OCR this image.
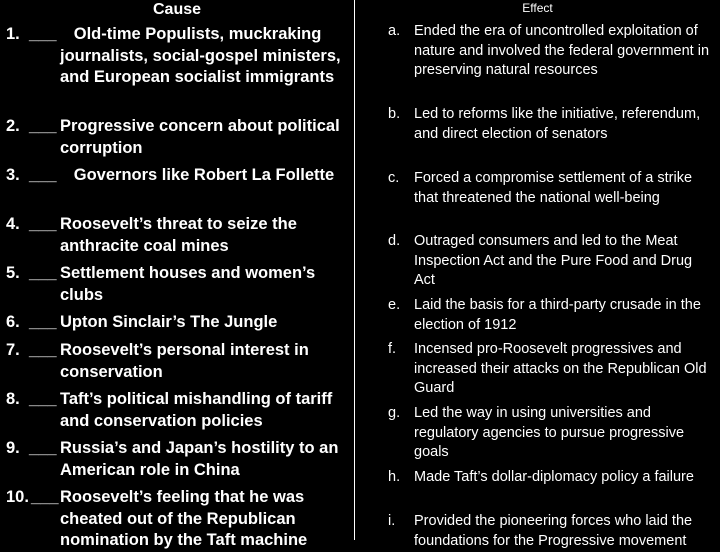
Cause	Effect
1. ___ Old-time Populists, muckraking journalists, social-gospel ministers, and European socialist immigrants
2. ___ Progressive concern about political corruption
3. ___ Governors like Robert La Follette
4. ___ Roosevelt’s threat to seize the anthracite coal mines
5. ___ Settlement houses and women’s clubs
6. ___ Upton Sinclair’s The Jungle
7. ___ Roosevelt’s personal interest in conservation
8. ___ Taft’s political mishandling of tariff and conservation policies
9. ___ Russia’s and Japan’s hostility to an American role in China
10. ___ Roosevelt’s feeling that he was cheated out of the Republican nomination by the Taft machine
a. Ended the era of uncontrolled exploitation of nature and involved the federal government in preserving natural resources
b. Led to reforms like the initiative, referendum, and direct election of senators
c.	Forced a compromise settlement of a strike that threatened the national well-being
d. Outraged consumers and led to the Meat Inspection Act and the Pure Food and Drug Act
e. Laid the basis for a third-party crusade in the election of 1912
f.	Incensed pro-Roosevelt progressives and increased their attacks on the Republican Old Guard
g. Led the way in using universities and regulatory agencies to pursue progressive goals
h. Made Taft’s dollar-diplomacy policy a failure
i.	Provided the pioneering forces who laid the foundations for the Progressive movement
